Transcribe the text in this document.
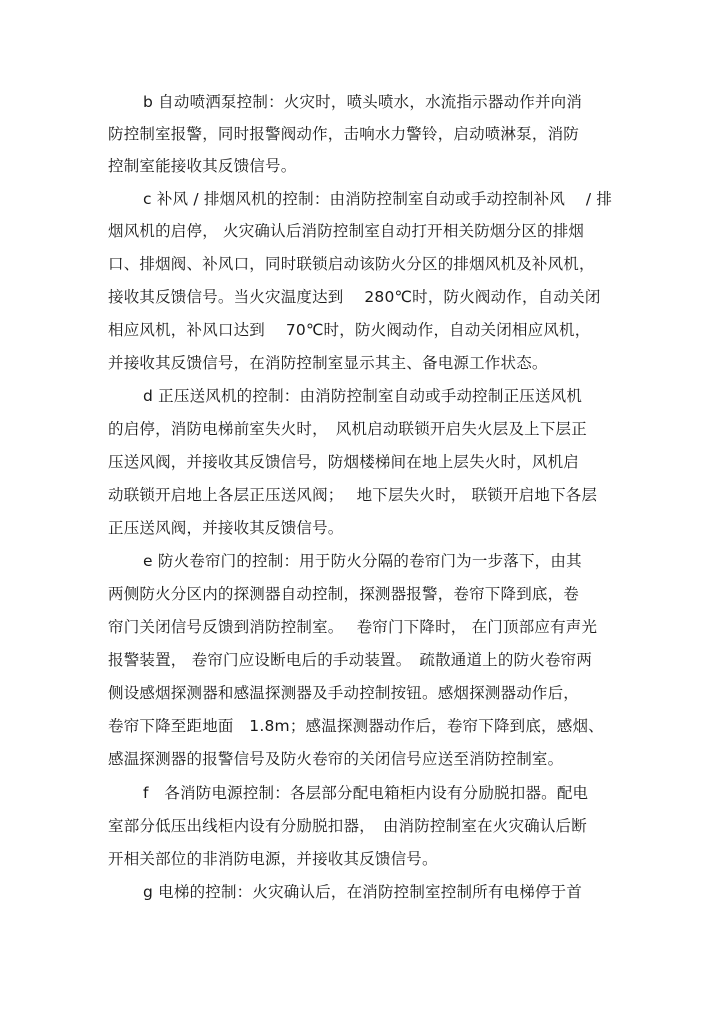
b 自动喷洒泵控制：火灾时，喷头喷水，水流指示器动作并向消
防控制室报警，同时报警阀动作，击响水力警铃，启动喷淋泵，消防
控制室能接收其反馈信号。
c 补风 / 排烟风机的控制：由消防控制室自动或手动控制补风　 / 排
烟风机的启停， 火灾确认后消防控制室自动打开相关防烟分区的排烟
口、排烟阀、补风口，同时联锁启动该防火分区的排烟风机及补风机，
接收其反馈信号。当火灾温度达到　 280℃时，防火阀动作，自动关闭
相应风机，补风口达到　 70℃时，防火阀动作，自动关闭相应风机，
并接收其反馈信号，在消防控制室显示其主、备电源工作状态。
d 正压送风机的控制：由消防控制室自动或手动控制正压送风机
的启停，消防电梯前室失火时，　风机启动联锁开启失火层及上下层正
压送风阀，并接收其反馈信号，防烟楼梯间在地上层失火时，风机启
动联锁开启地上各层正压送风阀；　 地下层失火时， 联锁开启地下各层
正压送风阀，并接收其反馈信号。
e 防火卷帘门的控制：用于防火分隔的卷帘门为一步落下，由其
两侧防火分区内的探测器自动控制，探测器报警，卷帘下降到底，卷
帘门关闭信号反馈到消防控制室。　 卷帘门下降时， 在门顶部应有声光
报警装置， 卷帘门应设断电后的手动装置。　疏散通道上的防火卷帘两
侧设感烟探测器和感温探测器及手动控制按钮。感烟探测器动作后，
卷帘下降至距地面　1.8m；感温探测器动作后，卷帘下降到底，感烟、
感温探测器的报警信号及防火卷帘的关闭信号应送至消防控制室。
f　各消防电源控制：各层部分配电箱柜内设有分励脱扣器。配电
室部分低压出线柜内设有分励脱扣器，　由消防控制室在火灾确认后断
开相关部位的非消防电源，并接收其反馈信号。
g 电梯的控制：火灾确认后，在消防控制室控制所有电梯停于首
